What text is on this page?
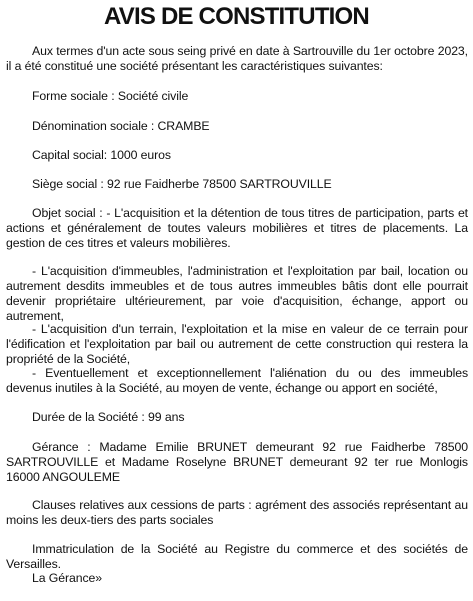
AVIS DE CONSTITUTION

Aux termes d'un acte sous seing privé en date à Sartrouville du 1er octobre 2023, il a été constitué une société présentant les caractéristiques suivantes:

Forme sociale : Société civile

Dénomination sociale : CRAMBE

Capital social: 1000 euros

Siège social : 92 rue Faidherbe 78500 SARTROUVILLE

Objet social : - L'acquisition et la détention de tous titres de participation, parts et actions et généralement de toutes valeurs mobilières et titres de placements. La gestion de ces titres et valeurs mobilières.

- L'acquisition d'immeubles, l'administration et l'exploitation par bail, location ou autrement desdits immeubles et de tous autres immeubles bâtis dont elle pourrait devenir propriétaire ultérieurement, par voie d'acquisition, échange, apport ou autrement,

- L'acquisition d'un terrain, l'exploitation et la mise en valeur de ce terrain pour l'édification et l'exploitation par bail ou autrement de cette construction qui restera la propriété de la Société,

- Eventuellement et exceptionnellement l'aliénation du ou des immeubles devenus inutiles à la Société, au moyen de vente, échange ou apport en société,

Durée de la Société : 99 ans

Gérance : Madame Emilie BRUNET demeurant 92 rue Faidherbe 78500 SARTROUVILLE et Madame Roselyne BRUNET demeurant 92 ter rue Monlogis 16000 ANGOULEME

Clauses relatives aux cessions de parts : agrément des associés représentant au moins les deux-tiers des parts sociales

Immatriculation de la Société au Registre du commerce et des sociétés de Versailles.

La Gérance»
